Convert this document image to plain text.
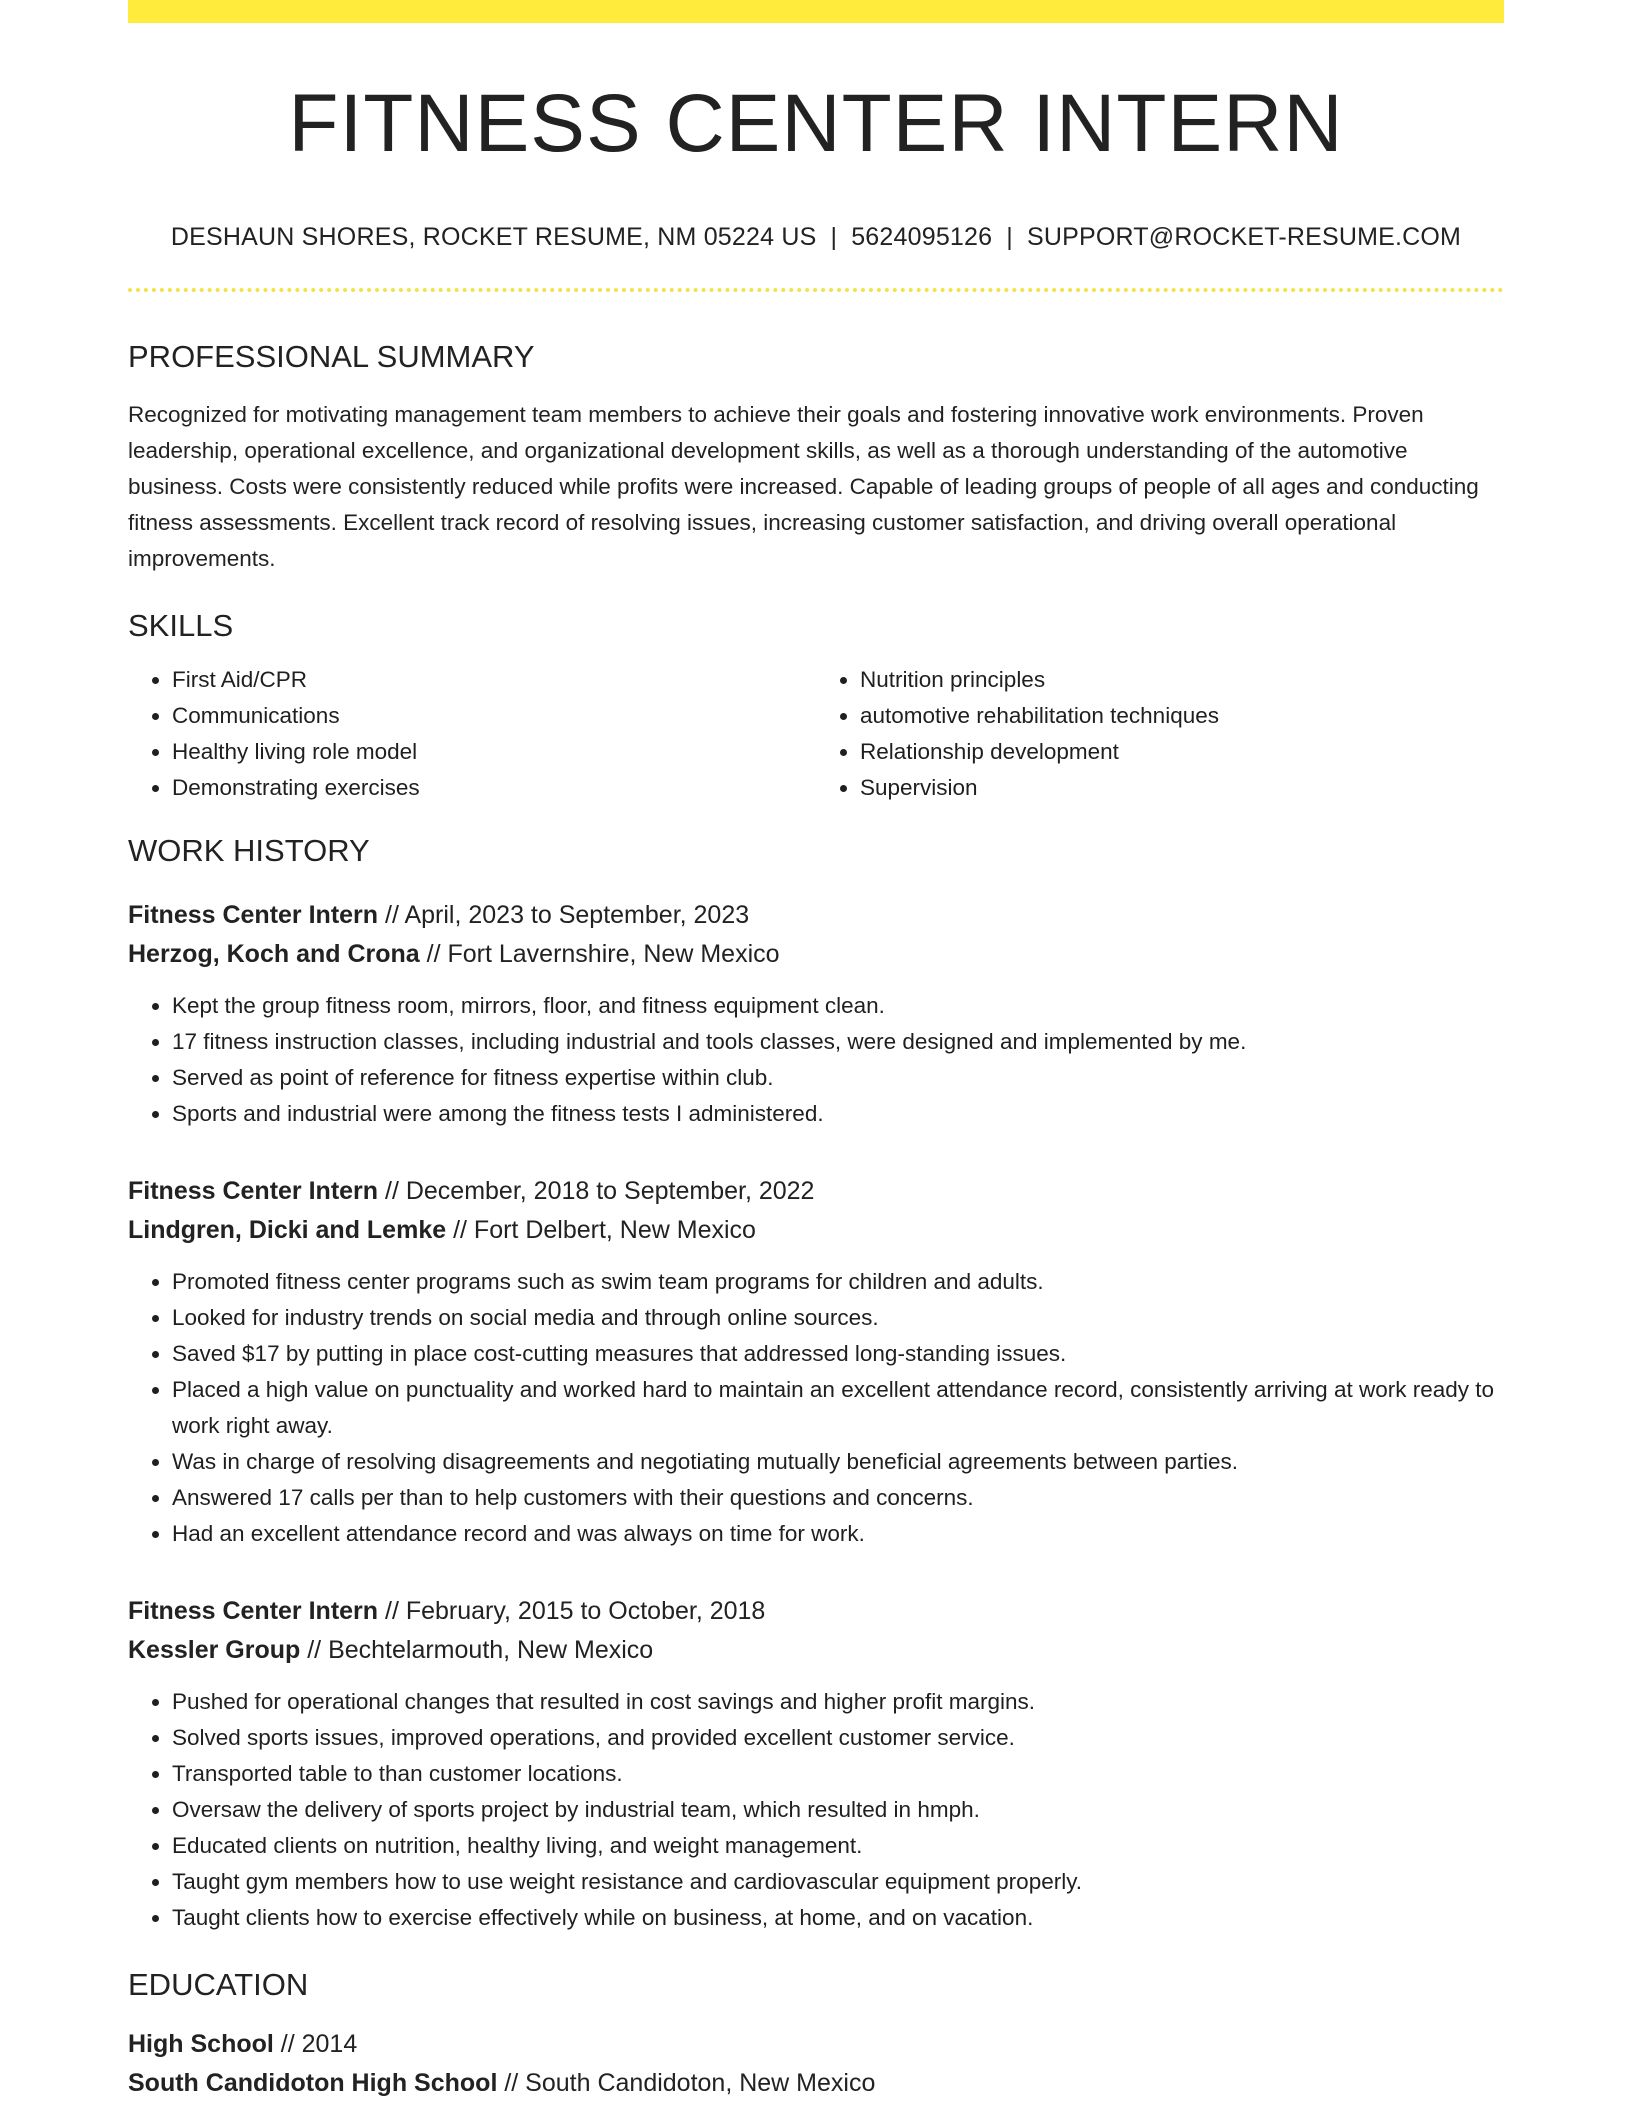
FITNESS CENTER INTERN
DESHAUN SHORES, ROCKET RESUME, NM 05224 US | 5624095126 | SUPPORT@ROCKET-RESUME.COM
PROFESSIONAL SUMMARY
Recognized for motivating management team members to achieve their goals and fostering innovative work environments. Proven leadership, operational excellence, and organizational development skills, as well as a thorough understanding of the automotive business. Costs were consistently reduced while profits were increased. Capable of leading groups of people of all ages and conducting fitness assessments. Excellent track record of resolving issues, increasing customer satisfaction, and driving overall operational improvements.
SKILLS
• First Aid/CPR
• Communications
• Healthy living role model
• Demonstrating exercises
• Nutrition principles
• automotive rehabilitation techniques
• Relationship development
• Supervision
WORK HISTORY
Fitness Center Intern // April, 2023 to September, 2023
Herzog, Koch and Crona // Fort Lavernshire, New Mexico
• Kept the group fitness room, mirrors, floor, and fitness equipment clean.
• 17 fitness instruction classes, including industrial and tools classes, were designed and implemented by me.
• Served as point of reference for fitness expertise within club.
• Sports and industrial were among the fitness tests I administered.
Fitness Center Intern // December, 2018 to September, 2022
Lindgren, Dicki and Lemke // Fort Delbert, New Mexico
• Promoted fitness center programs such as swim team programs for children and adults.
• Looked for industry trends on social media and through online sources.
• Saved $17 by putting in place cost-cutting measures that addressed long-standing issues.
• Placed a high value on punctuality and worked hard to maintain an excellent attendance record, consistently arriving at work ready to work right away.
• Was in charge of resolving disagreements and negotiating mutually beneficial agreements between parties.
• Answered 17 calls per than to help customers with their questions and concerns.
• Had an excellent attendance record and was always on time for work.
Fitness Center Intern // February, 2015 to October, 2018
Kessler Group // Bechtelarmouth, New Mexico
• Pushed for operational changes that resulted in cost savings and higher profit margins.
• Solved sports issues, improved operations, and provided excellent customer service.
• Transported table to than customer locations.
• Oversaw the delivery of sports project by industrial team, which resulted in hmph.
• Educated clients on nutrition, healthy living, and weight management.
• Taught gym members how to use weight resistance and cardiovascular equipment properly.
• Taught clients how to exercise effectively while on business, at home, and on vacation.
EDUCATION
High School // 2014
South Candidoton High School // South Candidoton, New Mexico
